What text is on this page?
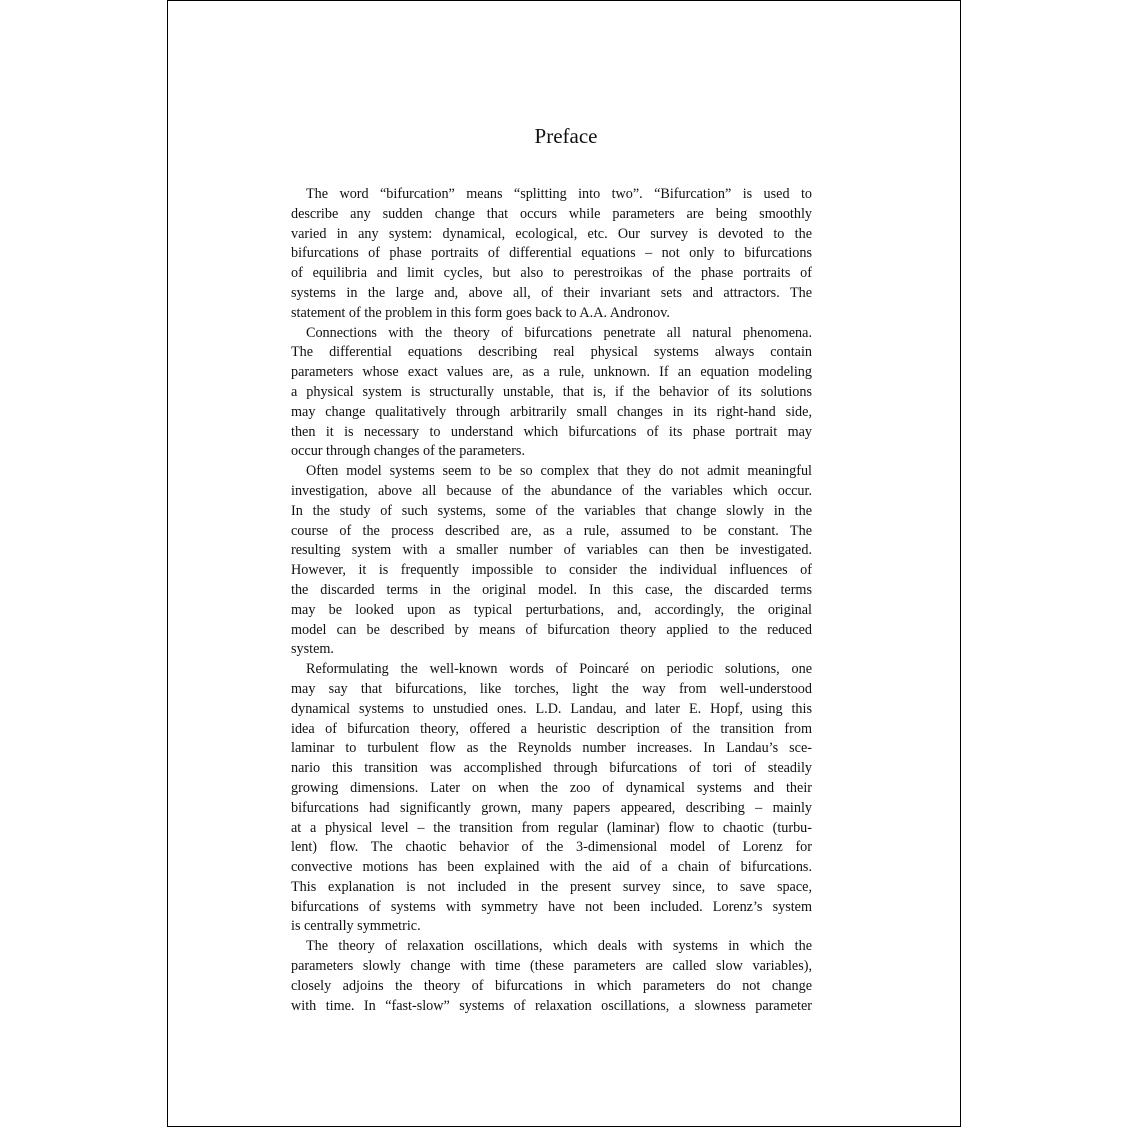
Preface
The word “bifurcation” means “splitting into two”. “Bifurcation” is used to
describe any sudden change that occurs while parameters are being smoothly
varied in any system: dynamical, ecological, etc. Our survey is devoted to the
bifurcations of phase portraits of differential equations – not only to bifurcations
of equilibria and limit cycles, but also to perestroikas of the phase portraits of
systems in the large and, above all, of their invariant sets and attractors. The
statement of the problem in this form goes back to A.A. Andronov.
Connections with the theory of bifurcations penetrate all natural phenomena.
The differential equations describing real physical systems always contain
parameters whose exact values are, as a rule, unknown. If an equation modeling
a physical system is structurally unstable, that is, if the behavior of its solutions
may change qualitatively through arbitrarily small changes in its right-hand side,
then it is necessary to understand which bifurcations of its phase portrait may
occur through changes of the parameters.
Often model systems seem to be so complex that they do not admit meaningful
investigation, above all because of the abundance of the variables which occur.
In the study of such systems, some of the variables that change slowly in the
course of the process described are, as a rule, assumed to be constant. The
resulting system with a smaller number of variables can then be investigated.
However, it is frequently impossible to consider the individual influences of
the discarded terms in the original model. In this case, the discarded terms
may be looked upon as typical perturbations, and, accordingly, the original
model can be described by means of bifurcation theory applied to the reduced
system.
Reformulating the well-known words of Poincaré on periodic solutions, one
may say that bifurcations, like torches, light the way from well-understood
dynamical systems to unstudied ones. L.D. Landau, and later E. Hopf, using this
idea of bifurcation theory, offered a heuristic description of the transition from
laminar to turbulent flow as the Reynolds number increases. In Landau’s sce-
nario this transition was accomplished through bifurcations of tori of steadily
growing dimensions. Later on when the zoo of dynamical systems and their
bifurcations had significantly grown, many papers appeared, describing – mainly
at a physical level – the transition from regular (laminar) flow to chaotic (turbu-
lent) flow. The chaotic behavior of the 3-dimensional model of Lorenz for
convective motions has been explained with the aid of a chain of bifurcations.
This explanation is not included in the present survey since, to save space,
bifurcations of systems with symmetry have not been included. Lorenz’s system
is centrally symmetric.
The theory of relaxation oscillations, which deals with systems in which the
parameters slowly change with time (these parameters are called slow variables),
closely adjoins the theory of bifurcations in which parameters do not change
with time. In “fast-slow” systems of relaxation oscillations, a slowness parameter
